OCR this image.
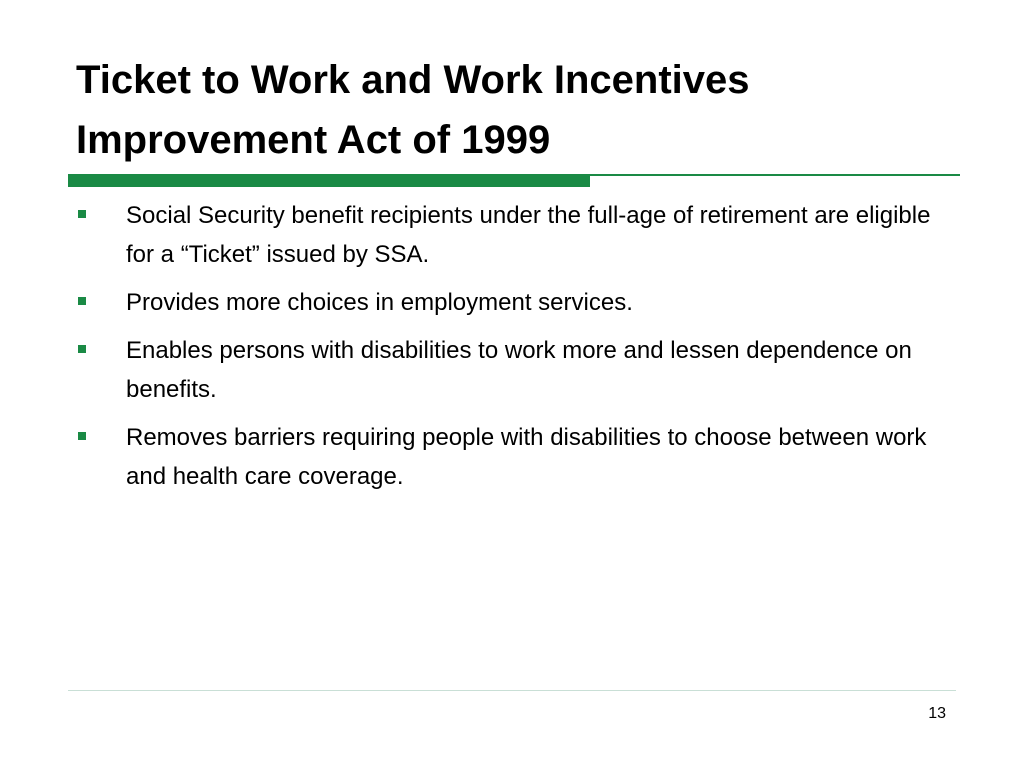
Ticket to Work and Work Incentives
Improvement Act of 1999
Social Security benefit recipients under the full-age of retirement are eligible for a “Ticket” issued by SSA.
Provides more choices in employment services.
Enables persons with disabilities to work more and lessen dependence on benefits.
Removes barriers requiring people with disabilities to choose between work and health care coverage.
13
